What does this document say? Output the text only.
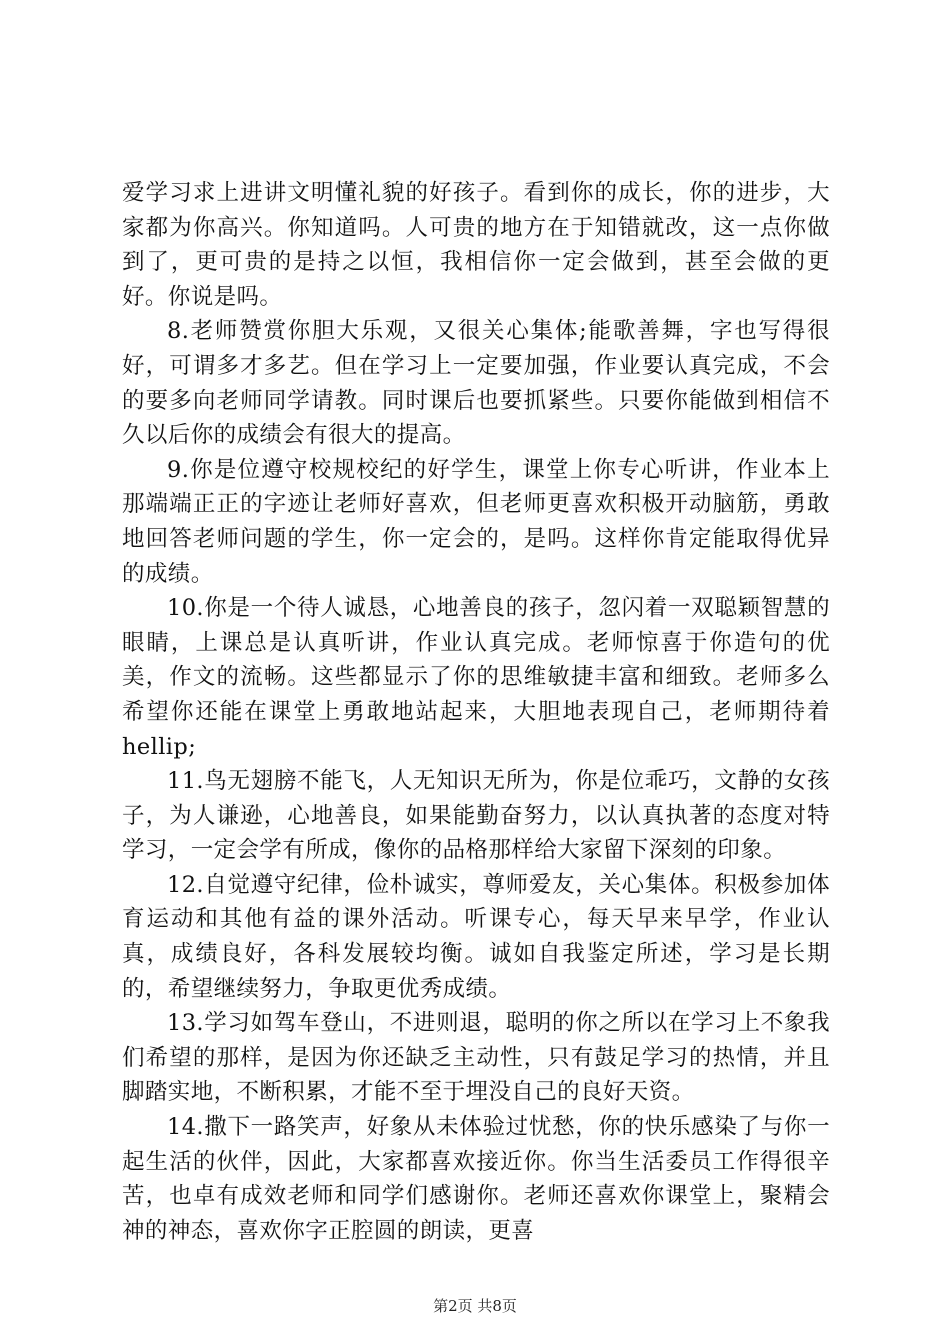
爱学习求上进讲文明懂礼貌的好孩子。看到你的成长，你的进步，大家都为你高兴。你知道吗。人可贵的地方在于知错就改，这一点你做到了，更可贵的是持之以恒，我相信你一定会做到，甚至会做的更好。你说是吗。

8.老师赞赏你胆大乐观，又很关心集体;能歌善舞，字也写得很好，可谓多才多艺。但在学习上一定要加强，作业要认真完成，不会的要多向老师同学请教。同时课后也要抓紧些。只要你能做到相信不久以后你的成绩会有很大的提高。

9.你是位遵守校规校纪的好学生，课堂上你专心听讲，作业本上那端端正正的字迹让老师好喜欢，但老师更喜欢积极开动脑筋，勇敢地回答老师问题的学生，你一定会的，是吗。这样你肯定能取得优异的成绩。

10.你是一个待人诚恳，心地善良的孩子，忽闪着一双聪颖智慧的眼睛，上课总是认真听讲，作业认真完成。老师惊喜于你造句的优美，作文的流畅。这些都显示了你的思维敏捷丰富和细致。老师多么希望你还能在课堂上勇敢地站起来，大胆地表现自己，老师期待着hellip;

11.鸟无翅膀不能飞，人无知识无所为，你是位乖巧，文静的女孩子，为人谦逊，心地善良，如果能勤奋努力，以认真执著的态度对特学习，一定会学有所成，像你的品格那样给大家留下深刻的印象。

12.自觉遵守纪律，俭朴诚实，尊师爱友，关心集体。积极参加体育运动和其他有益的课外活动。听课专心，每天早来早学，作业认真，成绩良好，各科发展较均衡。诚如自我鉴定所述，学习是长期的，希望继续努力，争取更优秀成绩。

13.学习如驾车登山，不进则退，聪明的你之所以在学习上不象我们希望的那样，是因为你还缺乏主动性，只有鼓足学习的热情，并且脚踏实地，不断积累，才能不至于埋没自己的良好天资。

14.撒下一路笑声，好象从未体验过忧愁，你的快乐感染了与你一起生活的伙伴，因此，大家都喜欢接近你。你当生活委员工作得很辛苦，也卓有成效老师和同学们感谢你。老师还喜欢你课堂上，聚精会神的神态，喜欢你字正腔圆的朗读，更喜

第2页 共8页
